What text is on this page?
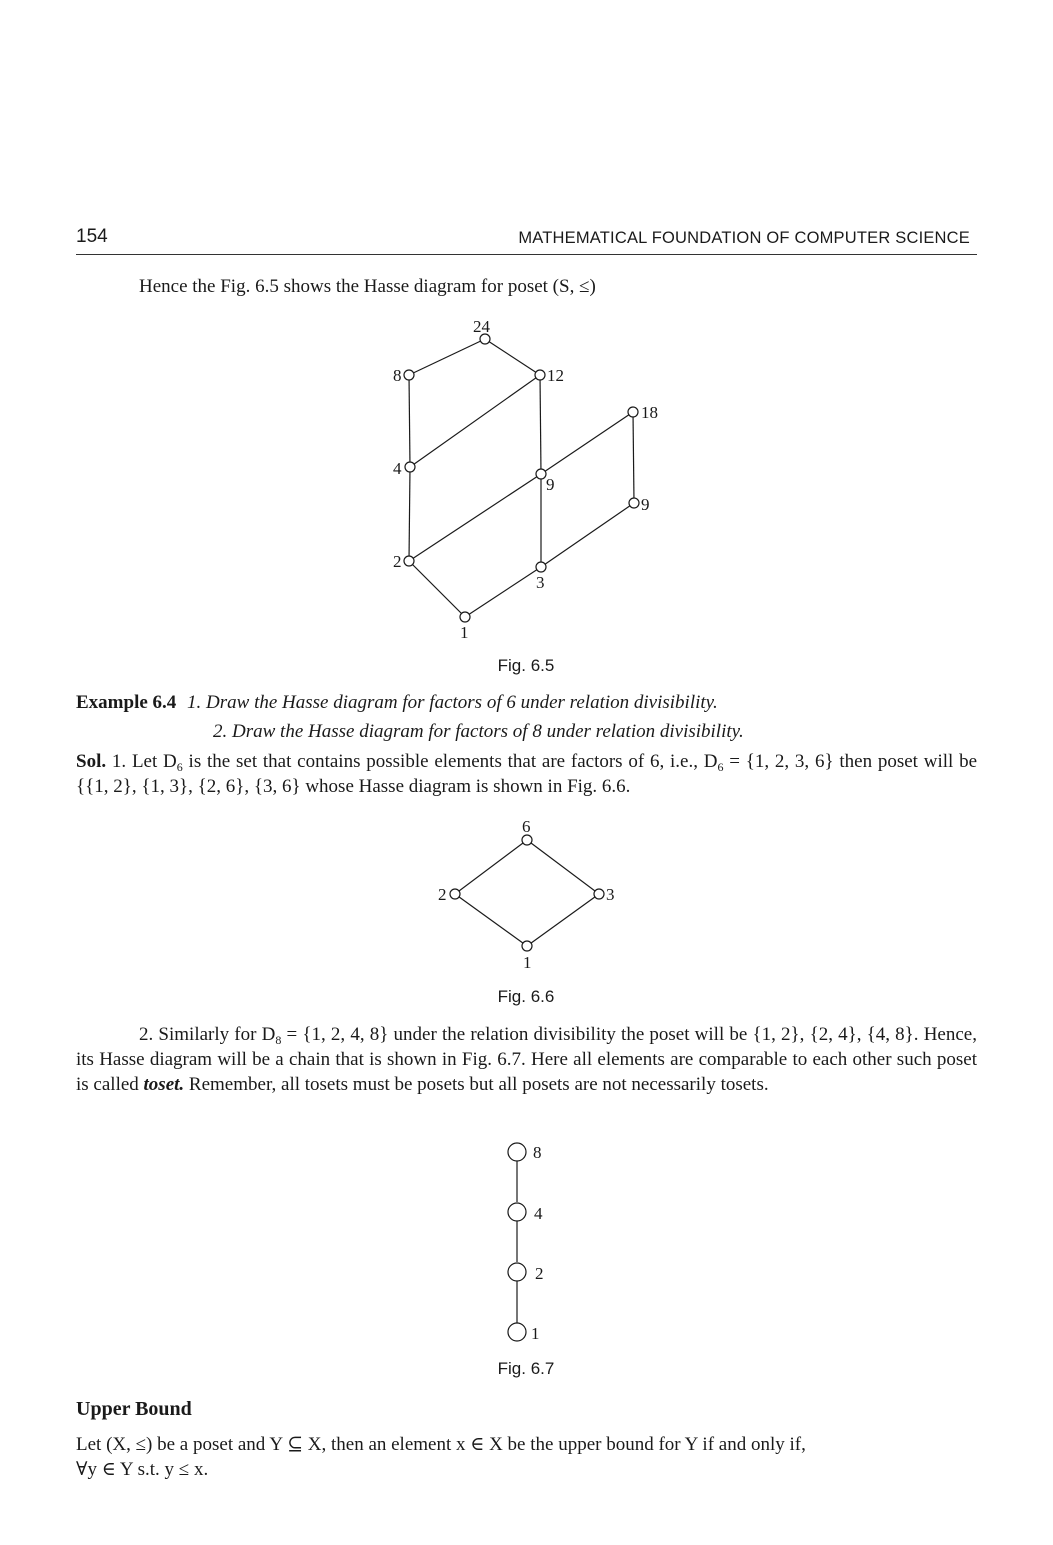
154	MATHEMATICAL FOUNDATION OF COMPUTER SCIENCE
Hence the Fig. 6.5 shows the Hasse diagram for poset (S, ≤)
24
8	12
18
4
9
9
2
3
1
Fig. 6.5
Example 6.4 1. Draw the Hasse diagram for factors of 6 under relation divisibility.
2. Draw the Hasse diagram for factors of 8 under relation divisibility.
Sol. 1. Let $D_6$ is the set that contains possible elements that are factors of 6, i.e., $D_6 = \{1$, 2, 3, 6} then poset will be {{1, 2}, {1, 3}, {2, 6}, {3, 6} whose Hasse diagram is shown in Fig. 6.6.
6
2	3
1
Fig. 6.6
2. Similarly for $D_8 = \{1$, 2, 4, 8} under the relation divisibility the poset will be {1, 2}, {2, 4}, {4, 8}. Hence, its Hasse diagram will be a chain that is shown in Fig. 6.7. Here all elements are comparable to each other such poset is called toset. Remember, all tosets must be posets but all posets are not necessarily tosets.
8
4
2
1
Fig. 6.7
Upper Bound
Let (X, ≤) be a poset and Y ⊆ X, then an element x ∈ X be the upper bound for Y if and only if,
∀y ∈ Y s.t. y ≤ x.
